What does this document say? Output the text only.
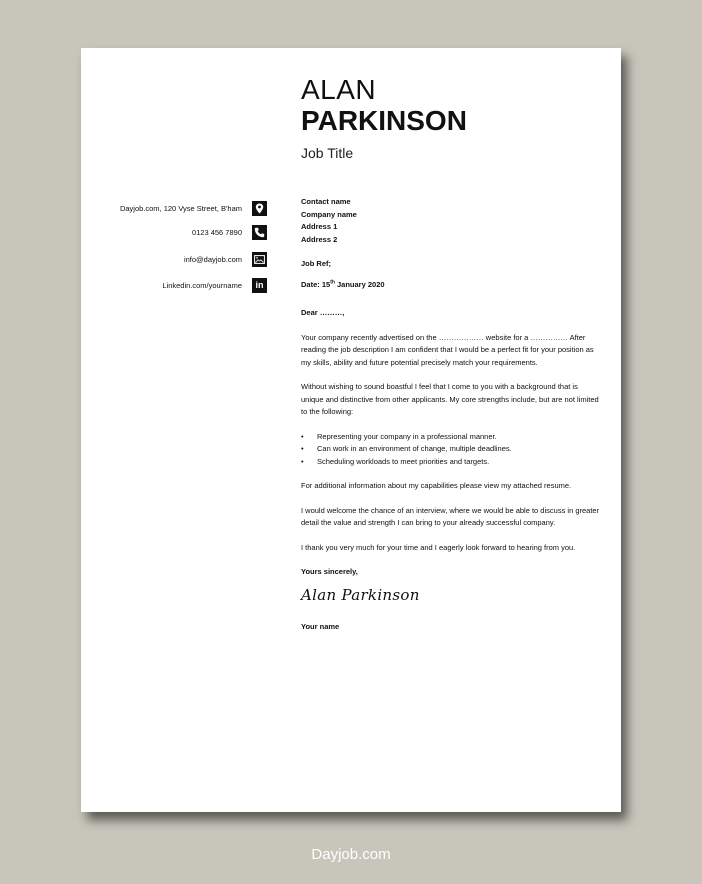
ALAN
PARKINSON
Job Title
Dayjob.com, 120 Vyse Street, B'ham
0123 456 7890
info@dayjob.com
Linkedin.com/yourname	in
Contact name
Company name
Address 1
Address 2
Job Ref;
Date: 15th January 2020

Dear ………,

Your company recently advertised on the ……………… website for a …………… After reading the job description I am confident that I would be a perfect fit for your position as my skills, ability and future potential precisely match your requirements.

Without wishing to sound boastful I feel that I come to you with a background that is unique and distinctive from other applicants. My core strengths include, but are not limited to the following:

• Representing your company in a professional manner.
• Can work in an environment of change, multiple deadlines.
• Scheduling workloads to meet priorities and targets.

For additional information about my capabilities please view my attached resume.

I would welcome the chance of an interview, where we would be able to discuss in greater detail the value and strength I can bring to your already successful company.

I thank you very much for your time and I eagerly look forward to hearing from you.

Yours sincerely,

Alan Parkinson

Your name

Dayjob.com
